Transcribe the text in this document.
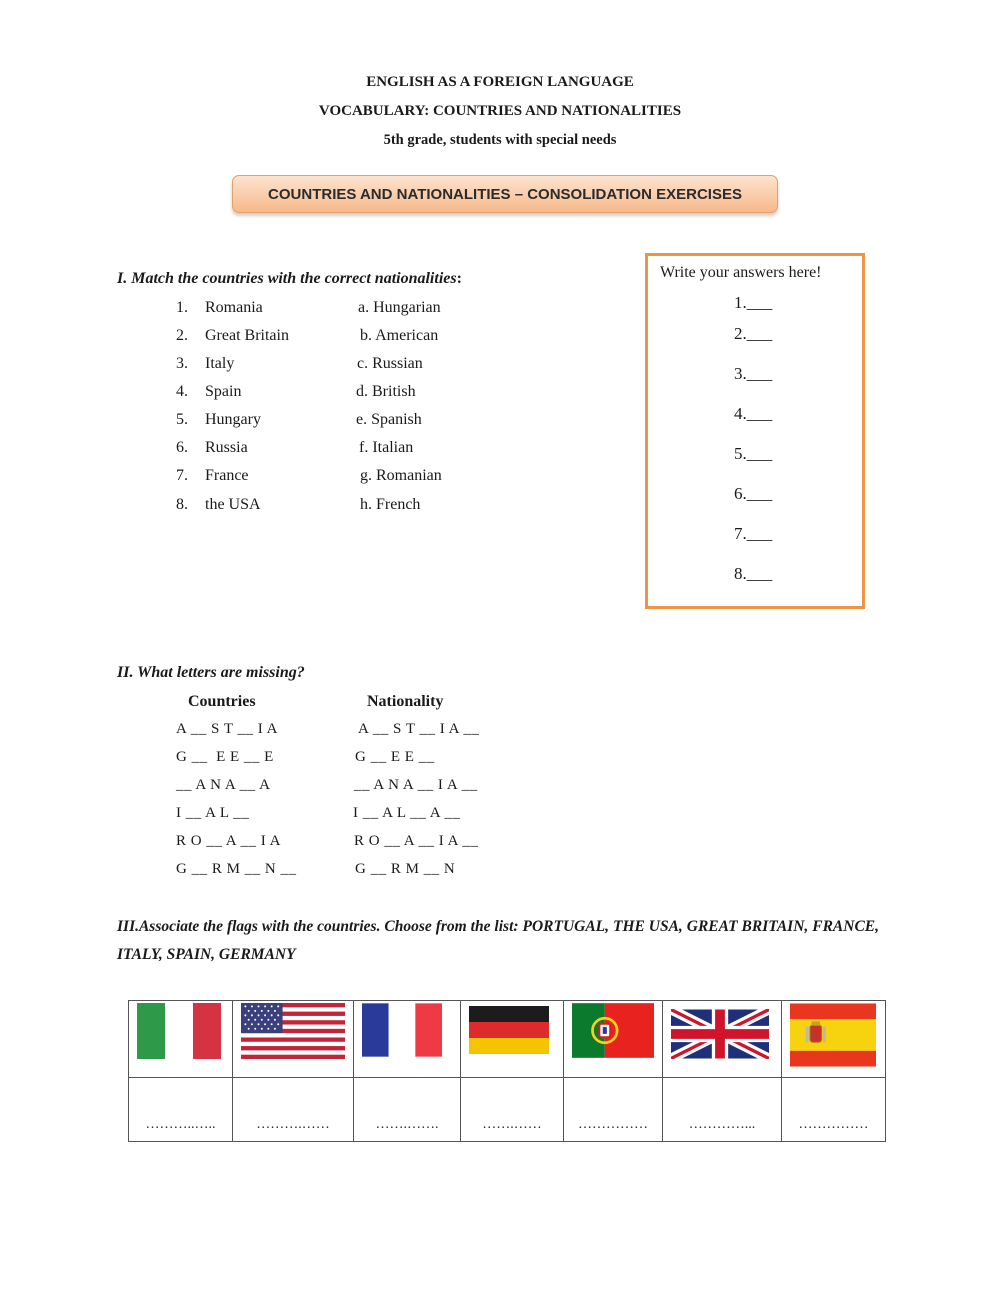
ENGLISH AS A FOREIGN LANGUAGE
VOCABULARY: COUNTRIES AND NATIONALITIES
5th grade, students with special needs
COUNTRIES AND NATIONALITIES – CONSOLIDATION EXERCISES
I. Match the countries with the correct nationalities:
1. Romania	a. Hungarian
2. Great Britain	b. American
3. Italy	c. Russian
4. Spain	d. British
5. Hungary	e. Spanish
6. Russia	f. Italian
7. France	g. Romanian
8. the USA	h. French
Write your answers here!
1.___
2.___
3.___
4.___
5.___
6.___
7.___
8.___
II. What letters are missing?
Countries	Nationality
A __ S T __ I A	A __ S T __ I A __
G __  E E __ E	G __ E E __
__ A N A __ A	__ A N A __ I A __
I __ A L __	I __ A L __ A __
R O __ A __ I A	R O __ A __ I A __
G __ R M __ N __	G __ R M __ N
III.Associate the flags with the countries. Choose from the list: PORTUGAL, THE USA, GREAT BRITAIN, FRANCE, ITALY, SPAIN, GERMANY

………..…..	……….……	…….…….	…….……	……………	…………...	……………
